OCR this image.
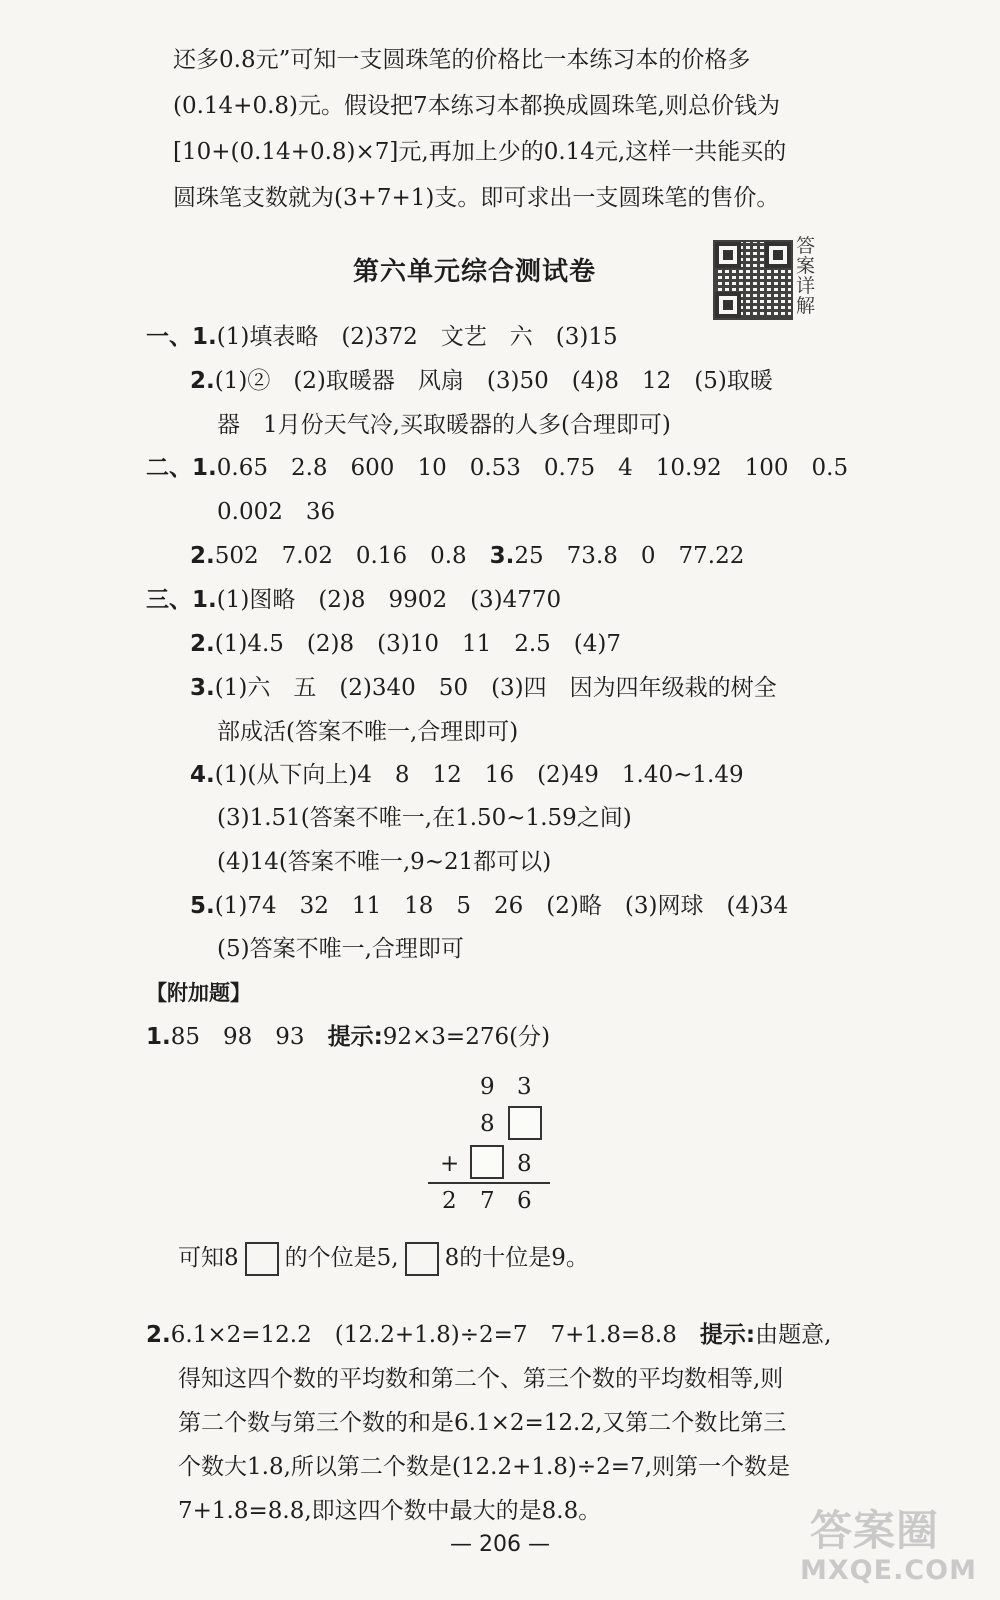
还多0.8元”可知一支圆珠笔的价格比一本练习本的价格多
(0.14+0.8)元。假设把7本练习本都换成圆珠笔,则总价钱为
[10+(0.14+0.8)×7]元,再加上少的0.14元,这样一共能买的
圆珠笔支数就为(3+7+1)支。即可求出一支圆珠笔的售价。
第六单元综合测试卷
答案详解
一、1.(1)填表略　(2)372　文艺　六　(3)15
2.(1)②　(2)取暖器　风扇　(3)50　(4)8　12　(5)取暖
器　1月份天气冷,买取暖器的人多(合理即可)
二、1.0.65　2.8　600　10　0.53　0.75　4　10.92　100　0.5
0.002　36
2.502　7.02　0.16　0.8　3.25　73.8　0　77.22
三、1.(1)图略　(2)8　9902　(3)4770
2.(1)4.5　(2)8　(3)10　11　2.5　(4)7
3.(1)六　五　(2)340　50　(3)四　因为四年级栽的树全
部成活(答案不唯一,合理即可)
4.(1)(从下向上)4　8　12　16　(2)49　1.40~1.49
(3)1.51(答案不唯一,在1.50~1.59之间)
(4)14(答案不唯一,9~21都可以)
5.(1)74　32　11　18　5　26　(2)略　(3)网球　(4)34
(5)答案不唯一,合理即可
【附加题】
1.85　98　93　提示:92×3=276(分)
9 3
8
+	8
2 7 6
可知8 的个位是5, 8的十位是9。
2.6.1×2=12.2　(12.2+1.8)÷2=7　7+1.8=8.8　提示:由题意,
得知这四个数的平均数和第二个、第三个数的平均数相等,则
第二个数与第三个数的和是6.1×2=12.2,又第二个数比第三
个数大1.8,所以第二个数是(12.2+1.8)÷2=7,则第一个数是
7+1.8=8.8,即这四个数中最大的是8.8。
— 206 —	答案圈
MXQE.COM
